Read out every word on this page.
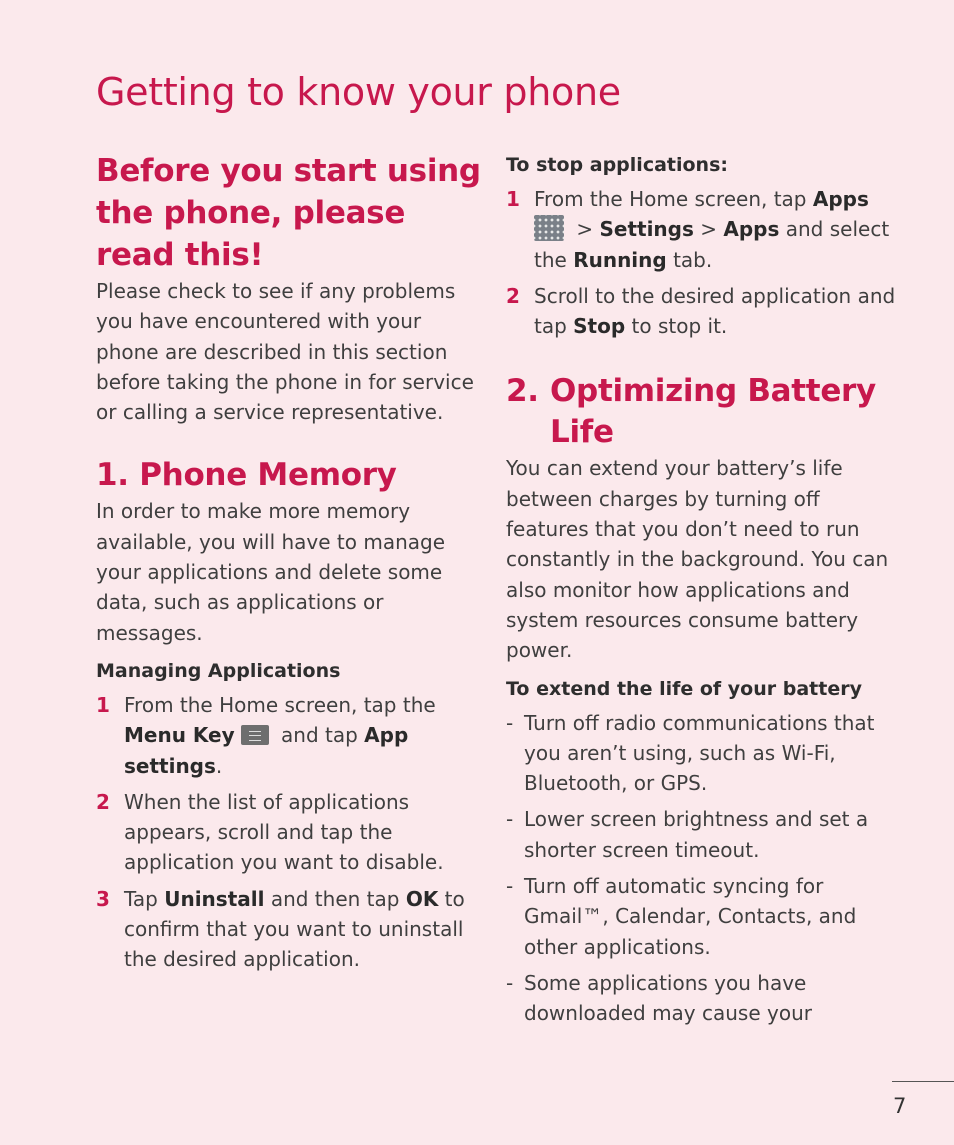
Getting to know your phone
Before you start using the phone, please read this!

Please check to see if any problems you have encountered with your phone are described in this section before taking the phone in for service or calling a service representative.

1. Phone Memory

In order to make more memory available, you will have to manage your applications and delete some data, such as applications or messages.

Managing Applications
1 From the Home screen, tap the Menu Key and tap App settings.
2 When the list of applications appears, scroll and tap the application you want to disable.
3 Tap Uninstall and then tap OK to confirm that you want to uninstall the desired application.
To stop applications:
1 From the Home screen, tap Apps  > Settings > Apps and select the Running tab.
2 Scroll to the desired application and tap Stop to stop it.
2. Optimizing Battery Life

You can extend your battery’s life between charges by turning off features that you don’t need to run constantly in the background. You can also monitor how applications and system resources consume battery power.

To extend the life of your battery
- Turn off radio communications that you aren’t using, such as Wi-Fi, Bluetooth, or GPS.
- Lower screen brightness and set a shorter screen timeout.
- Turn off automatic syncing for Gmail™, Calendar, Contacts, and other applications.
- Some applications you have downloaded may cause your
7
